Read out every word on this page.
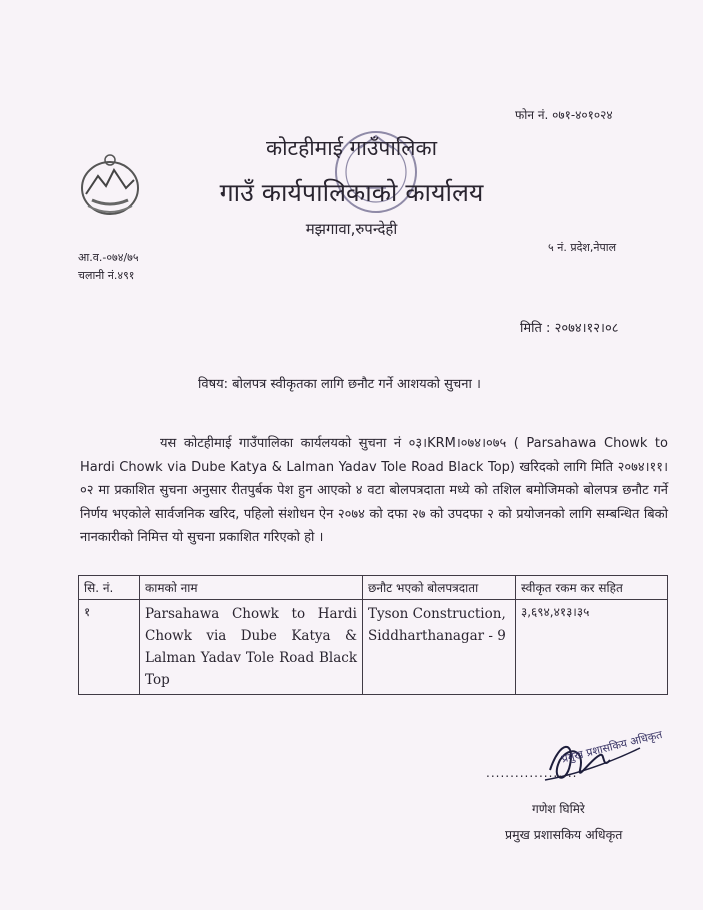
फोन नं. ०७१-४०१०२४
कोटहीमाई गाउँपालिका
गाउँ कार्यपालिकाको कार्यालय
मझगावा,रुपन्देही
५ नं. प्रदेश,नेपाल
आ.व.-०७४/७५
चलानी नं.४९१
मिति : २०७४।१२।०८
विषय: बोलपत्र स्वीकृतका लागि छनौट गर्ने आशयको सुचना ।

यस कोटहीमाई गाउँपालिका कार्यलयको सुचना नं ०३।KRM।०७४।०७५ ( Parsahawa Chowk to Hardi Chowk via Dube Katya & Lalman Yadav Tole Road Black Top) खरिदको लागि मिति २०७४।११।०२ मा प्रकाशित सुचना अनुसार रीतपुर्बक पेश हुन आएको ४ वटा बोलपत्रदाता मध्ये को तशिल बमोजिमको बोलपत्र छनौट गर्ने निर्णय भएकोले सार्वजनिक खरिद, पहिलो संशोधन ऐन २०७४ को दफा २७ को उपदफा २ को प्रयोजनको लागि सम्बन्धित बिको नानकारीको निमित्त यो सुचना प्रकाशित गरिएको हो ।

सि. नं.	कामको नाम	छनौट भएको बोलपत्रदाता	स्वीकृत रकम कर सहित
१	Parsahawa Chowk to Hardi Chowk via Dube Katya & Lalman Yadav Tole Road Black Top	Tyson Construction, Siddharthanagar - 9	३,६९४,४१३।३५
...................
प्रमुख प्रशासकिय अधिकृत
गणेश घिमिरे
प्रमुख प्रशासकिय अधिकृत
